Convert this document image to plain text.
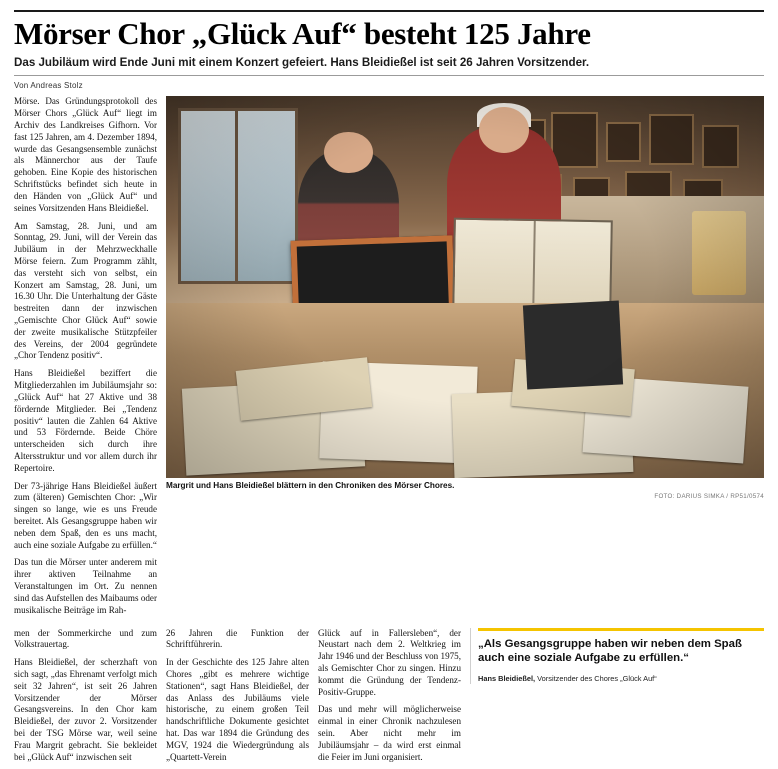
Mörser Chor „Glück Auf“ besteht 125 Jahre
Das Jubiläum wird Ende Juni mit einem Konzert gefeiert. Hans Bleidießel ist seit 26 Jahren Vorsitzender.
Von Andreas Stolz

Mörse. Das Gründungsprotokoll des Mörser Chors „Glück Auf“ liegt im Archiv des Landkreises Gifhorn. Vor fast 125 Jahren, am 4. Dezember 1894, wurde das Gesangsensemble zunächst als Männerchor aus der Taufe gehoben. Eine Kopie des historischen Schriftstücks befindet sich heute in den Händen von „Glück Auf“ und seines Vorsitzenden Hans Bleidießel.

Am Samstag, 28. Juni, und am Sonntag, 29. Juni, will der Verein das Jubiläum in der Mehrzweckhalle Mörse feiern. Zum Programm zählt, das versteht sich von selbst, ein Konzert am Samstag, 28. Juni, um 16.30 Uhr. Die Unterhaltung der Gäste bestreiten dann der inzwischen „Gemischte Chor Glück Auf“ sowie der zweite musikalische Stützpfeiler des Vereins, der 2004 gegründete „Chor Tendenz positiv“.

Hans Bleidießel beziffert die Mitgliederzahlen im Jubiläumsjahr so: „Glück Auf“ hat 27 Aktive und 38 fördernde Mitglieder. Bei „Tendenz positiv“ lauten die Zahlen 64 Aktive und 53 Fördernde. Beide Chöre unterscheiden sich durch ihre Altersstruktur und vor allem durch ihr Repertoire.

Der 73-jährige Hans Bleidießel äußert zum (älteren) Gemischten Chor: „Wir singen so lange, wie es uns Freude bereitet. Als Gesangsgruppe haben wir neben dem Spaß, den es uns macht, auch eine soziale Aufgabe zu erfüllen.“

Das tun die Mörser unter anderem mit ihrer aktiven Teilnahme an Veranstaltungen im Ort. Zu nennen sind das Aufstellen des Maibaums oder musikalische Beiträge im Rah-

Margrit und Hans Bleidießel blättern in den Chroniken des Mörser Chores.
FOTO: DARIUS SIMKA / RP51/0574

men der Sommerkirche und zum Volkstrauertag.

Hans Bleidießel, der scherzhaft von sich sagt, „das Ehrenamt verfolgt mich seit 32 Jahren“, ist seit 26 Jahren Vorsitzender der Mörser Gesangsvereins. In den Chor kam Bleidießel, der zuvor 2. Vorsitzender bei der TSG Mörse war, weil seine Frau Margrit gebracht. Sie bekleidet bei „Glück Auf“ inzwischen seit

26 Jahren die Funktion der Schriftführerin.

In der Geschichte des 125 Jahre alten Chores „gibt es mehrere wichtige Stationen“, sagt Hans Bleidießel, der das Anlass des Jubiläums viele historische, zu einem großen Teil handschriftliche Dokumente gesichtet hat. Das war 1894 die Gründung des MGV, 1924 die Wiedergründung als „Quartett-Verein

Glück auf in Fallersleben“, der Neustart nach dem 2. Weltkrieg im Jahr 1946 und der Beschluss von 1975, als Gemischter Chor zu singen. Hinzu kommt die Gründung der Tendenz-Positiv-Gruppe.

Das und mehr will möglicherweise einmal in einer Chronik nachzulesen sein. Aber nicht mehr im Jubiläumsjahr – da wird erst einmal die Feier im Juni organisiert.

„Als Gesangsgruppe haben wir neben dem Spaß auch eine soziale Aufgabe zu erfüllen.“
Hans Bleidießel, Vorsitzender des Chores „Glück Auf“
